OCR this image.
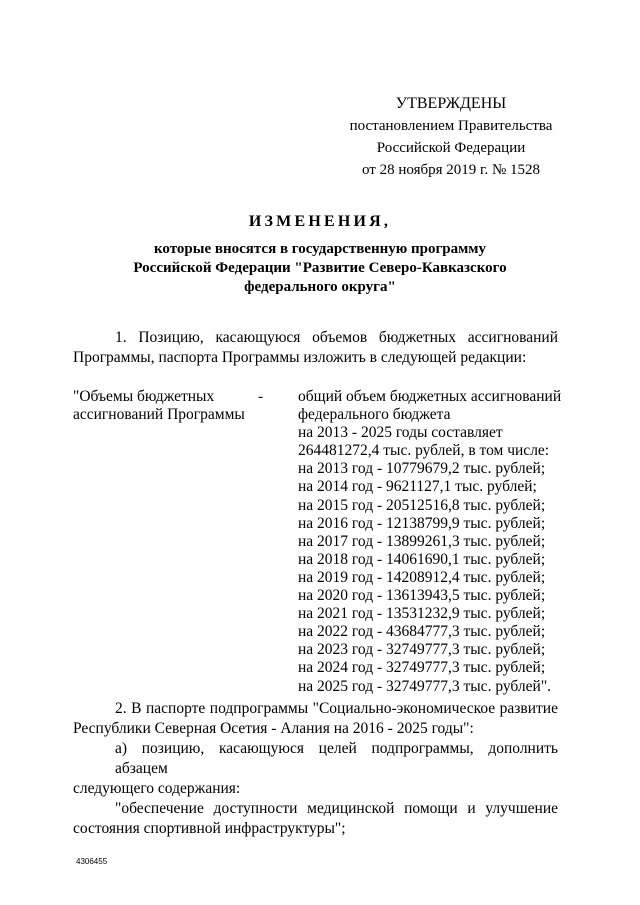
УТВЕРЖДЕНЫ
постановлением Правительства
Российской Федерации
от 28 ноября 2019 г. № 1528
ИЗМЕНЕНИЯ,
которые вносятся в государственную программу
Российской Федерации "Развитие Северо-Кавказского
федерального округа"
1. Позицию, касающуюся объемов бюджетных ассигнований
Программы, паспорта Программы изложить в следующей редакции:
"Объемы бюджетных
ассигнований Программы
- общий объем бюджетных ассигнований
федерального бюджета
на 2013 - 2025 годы составляет
264481272,4 тыс. рублей, в том числе:
на 2013 год - 10779679,2 тыс. рублей;
на 2014 год - 9621127,1 тыс. рублей;
на 2015 год - 20512516,8 тыс. рублей;
на 2016 год - 12138799,9 тыс. рублей;
на 2017 год - 13899261,3 тыс. рублей;
на 2018 год - 14061690,1 тыс. рублей;
на 2019 год - 14208912,4 тыс. рублей;
на 2020 год - 13613943,5 тыс. рублей;
на 2021 год - 13531232,9 тыс. рублей;
на 2022 год - 43684777,3 тыс. рублей;
на 2023 год - 32749777,3 тыс. рублей;
на 2024 год - 32749777,3 тыс. рублей;
на 2025 год - 32749777,3 тыс. рублей".
2. В паспорте подпрограммы "Социально-экономическое развитие
Республики Северная Осетия - Алания на 2016 - 2025 годы":
а) позицию, касающуюся целей подпрограммы, дополнить абзацем
следующего содержания:
"обеспечение доступности медицинской помощи и улучшение
состояния спортивной инфраструктуры";
4306455
